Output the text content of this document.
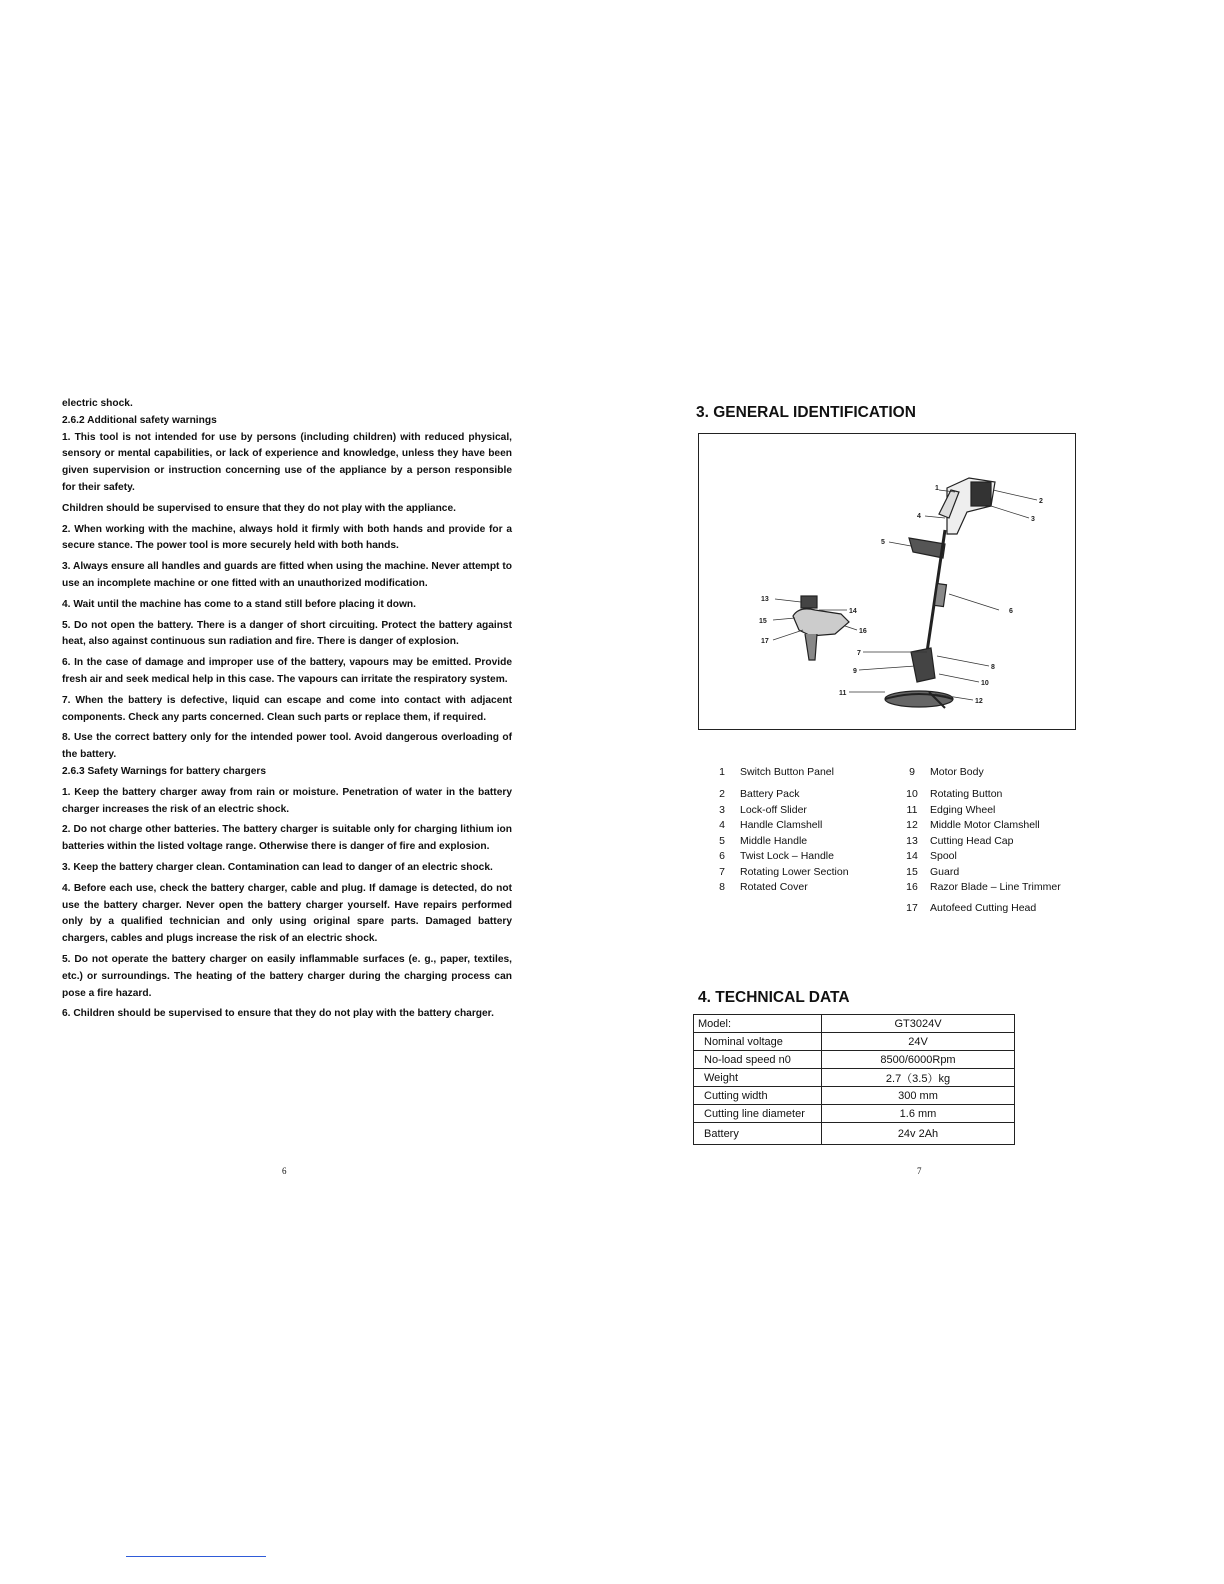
electric shock.

2.6.2 Additional safety warnings

1. This tool is not intended for use by persons (including children) with reduced physical, sensory or mental capabilities, or lack of experience and knowledge, unless they have been given supervision or instruction concerning use of the appliance by a person responsible for their safety.

Children should be supervised to ensure that they do not play with the appliance.

2. When working with the machine, always hold it firmly with both hands and provide for a secure stance. The power tool is more securely held with both hands.

3. Always ensure all handles and guards are fitted when using the machine. Never attempt to use an incomplete machine or one fitted with an unauthorized modification.

4. Wait until the machine has come to a stand still before placing it down.

5. Do not open the battery. There is a danger of short circuiting. Protect the battery against heat, also against continuous sun radiation and fire. There is danger of explosion.

6. In the case of damage and improper use of the battery, vapours may be emitted. Provide fresh air and seek medical help in this case. The vapours can irritate the respiratory system.

7. When the battery is defective, liquid can escape and come into contact with adjacent components. Check any parts concerned. Clean such parts or replace them, if required.

8. Use the correct battery only for the intended power tool. Avoid dangerous overloading of the battery.

2.6.3 Safety Warnings for battery chargers

1. Keep the battery charger away from rain or moisture. Penetration of water in the battery charger increases the risk of an electric shock.

2. Do not charge other batteries. The battery charger is suitable only for charging lithium ion batteries within the listed voltage range. Otherwise there is danger of fire and explosion.

3. Keep the battery charger clean. Contamination can lead to danger of an electric shock.

4. Before each use, check the battery charger, cable and plug. If damage is detected, do not use the battery charger. Never open the battery charger yourself. Have repairs performed only by a qualified technician and only using original spare parts. Damaged battery chargers, cables and plugs increase the risk of an electric shock.

5. Do not operate the battery charger on easily inflammable surfaces (e. g., paper, textiles, etc.) or surroundings. The heating of the battery charger during the charging process can pose a fire hazard.

6. Children should be supervised to ensure that they do not play with the battery charger.

6
3. GENERAL IDENTIFICATION
1
2
3
4
5
6
7
8
9
10
11
12
13
14
15
16
17
1	Switch Button Panel
2	Battery Pack
3	Lock-off Slider
4	Handle Clamshell
5	Middle Handle
6	Twist Lock – Handle
7	Rotating Lower Section
8	Rotated Cover
9	Motor Body
10	Rotating Button
11	Edging Wheel
12	Middle Motor Clamshell
13	Cutting Head Cap
14	Spool
15	Guard
16	Razor Blade – Line Trimmer
17	Autofeed Cutting Head
4. TECHNICAL DATA
Model:	GT3024V
Nominal voltage	24V
No-load speed n0	8500/6000Rpm
Weight	2.7（3.5）kg
Cutting width	300 mm
Cutting line diameter	1.6 mm
Battery	24v 2Ah
7
